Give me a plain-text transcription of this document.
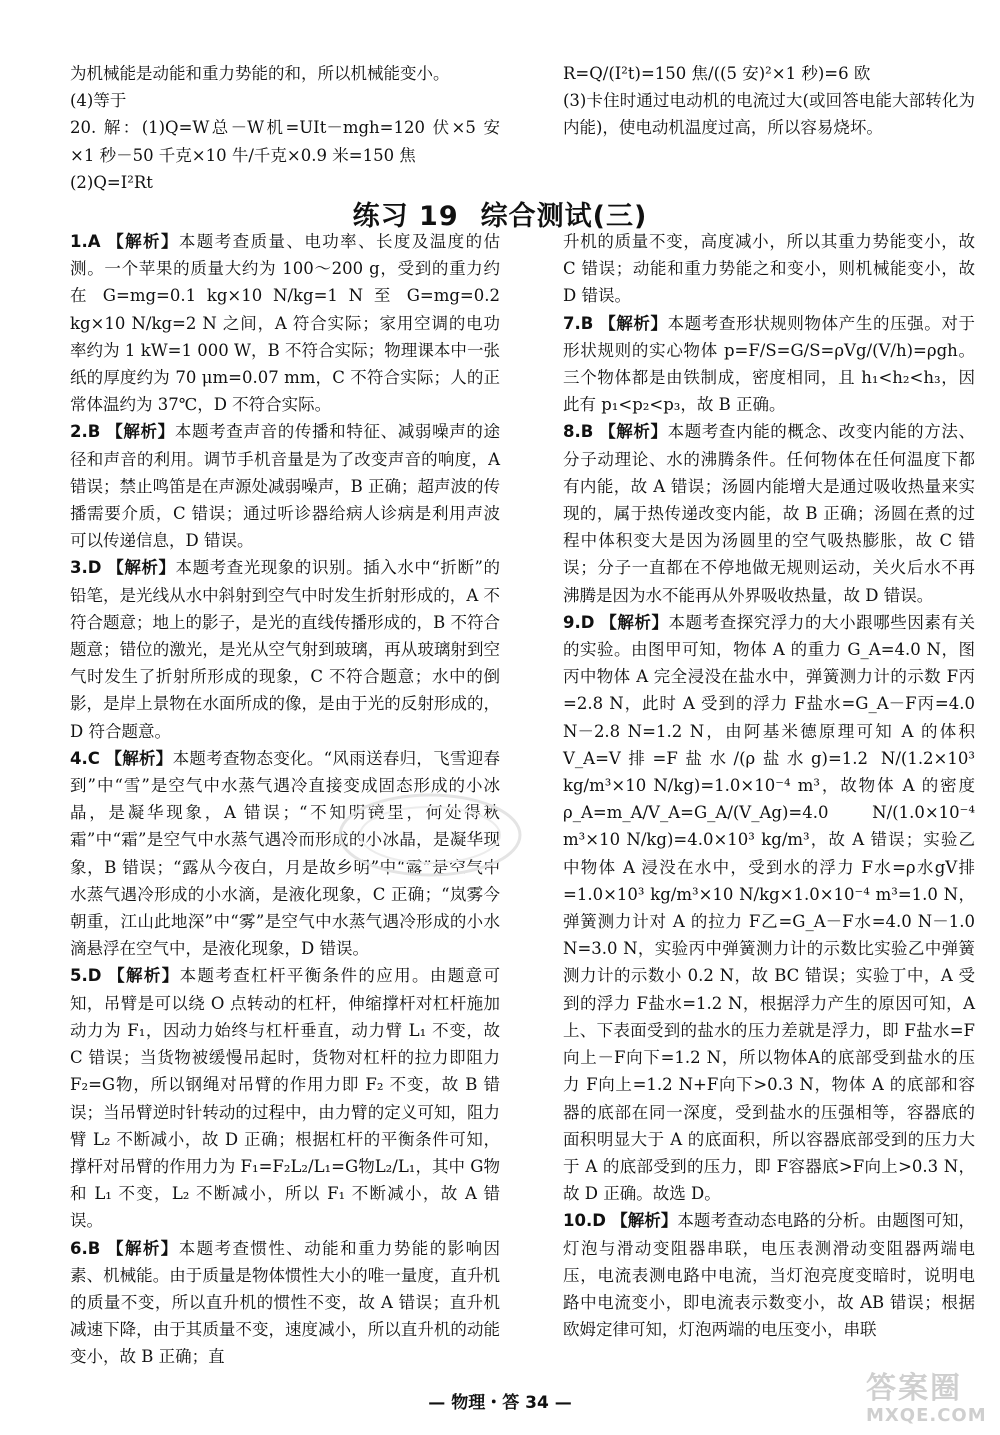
为机械能是动能和重力势能的和，所以机械能变小。

(4)等于

20. 解：(1)Q=W总－W机=UIt－mgh=120 伏×5 安×1 秒－50 千克×10 牛/千克×0.9 米=150 焦

(2)Q=I²Rt

R=Q/(I²t)=150 焦/((5 安)²×1 秒)=6 欧

(3)卡住时通过电动机的电流过大(或回答电能大部转化为内能)，使电动机温度过高，所以容易烧坏。

练习 19 综合测试(三)

1.A 【解析】本题考查质量、电功率、长度及温度的估测。一个苹果的质量大约为 100～200 g，受到的重力约在 G=mg=0.1 kg×10 N/kg=1 N 至 G=mg=0.2 kg×10 N/kg=2 N 之间，A 符合实际；家用空调的电功率约为 1 kW=1 000 W，B 不符合实际；物理课本中一张纸的厚度约为 70 μm=0.07 mm，C 不符合实际；人的正常体温约为 37℃，D 不符合实际。

2.B 【解析】本题考查声音的传播和特征、减弱噪声的途径和声音的利用。调节手机音量是为了改变声音的响度，A 错误；禁止鸣笛是在声源处减弱噪声，B 正确；超声波的传播需要介质，C 错误；通过听诊器给病人诊病是利用声波可以传递信息，D 错误。

3.D 【解析】本题考查光现象的识别。插入水中“折断”的铅笔，是光线从水中斜射到空气中时发生折射形成的，A 不符合题意；地上的影子，是光的直线传播形成的，B 不符合题意；错位的激光，是光从空气射到玻璃，再从玻璃射到空气时发生了折射所形成的现象，C 不符合题意；水中的倒影，是岸上景物在水面所成的像，是由于光的反射形成的，D 符合题意。

4.C 【解析】本题考查物态变化。“风雨送春归，飞雪迎春到”中“雪”是空气中水蒸气遇冷直接变成固态形成的小冰晶，是凝华现象，A 错误；“不知明镜里，何处得秋霜”中“霜”是空气中水蒸气遇冷而形成的小冰晶，是凝华现象，B 错误；“露从今夜白，月是故乡明”中“露”是空气中水蒸气遇冷形成的小水滴，是液化现象，C 正确；“岚雾今朝重，江山此地深”中“雾”是空气中水蒸气遇冷形成的小水滴悬浮在空气中，是液化现象，D 错误。

5.D 【解析】本题考查杠杆平衡条件的应用。由题意可知，吊臂是可以绕 O 点转动的杠杆，伸缩撑杆对杠杆施加动力为 F₁，因动力始终与杠杆垂直，动力臂 L₁ 不变，故 C 错误；当货物被缓慢吊起时，货物对杠杆的拉力即阻力 F₂=G物，所以钢绳对吊臂的作用力即 F₂ 不变，故 B 错误；当吊臂逆时针转动的过程中，由力臂的定义可知，阻力臂 L₂ 不断减小，故 D 正确；根据杠杆的平衡条件可知，撑杆对吊臂的作用力为 F₁=F₂L₂/L₁=G物L₂/L₁，其中 G物 和 L₁ 不变，L₂ 不断减小，所以 F₁ 不断减小，故 A 错误。

6.B 【解析】本题考查惯性、动能和重力势能的影响因素、机械能。由于质量是物体惯性大小的唯一量度，直升机的质量不变，所以直升机的惯性不变，故 A 错误；直升机减速下降，由于其质量不变，速度减小，所以直升机的动能变小，故 B 正确；直

升机的质量不变，高度减小，所以其重力势能变小，故 C 错误；动能和重力势能之和变小，则机械能变小，故 D 错误。

7.B 【解析】本题考查形状规则物体产生的压强。对于形状规则的实心物体 p=F/S=G/S=ρVg/(V/h)=ρgh。三个物体都是由铁制成，密度相同，且 h₁<h₂<h₃，因此有 p₁<p₂<p₃，故 B 正确。

8.B 【解析】本题考查内能的概念、改变内能的方法、分子动理论、水的沸腾条件。任何物体在任何温度下都有内能，故 A 错误；汤圆内能增大是通过吸收热量来实现的，属于热传递改变内能，故 B 正确；汤圆在煮的过程中体积变大是因为汤圆里的空气吸热膨胀，故 C 错误；分子一直都在不停地做无规则运动，关火后水不再沸腾是因为水不能再从外界吸收热量，故 D 错误。

9.D 【解析】本题考查探究浮力的大小跟哪些因素有关的实验。由图甲可知，物体 A 的重力 G_A=4.0 N，图丙中物体 A 完全浸没在盐水中，弹簧测力计的示数 F丙=2.8 N，此时 A 受到的浮力 F盐水=G_A－F丙=4.0 N－2.8 N=1.2 N，由阿基米德原理可知 A 的体积 V_A=V排=F盐水/(ρ盐水g)=1.2 N/(1.2×10³ kg/m³×10 N/kg)=1.0×10⁻⁴ m³，故物体 A 的密度 ρ_A=m_A/V_A=G_A/(V_Ag)=4.0 N/(1.0×10⁻⁴ m³×10 N/kg)=4.0×10³ kg/m³，故 A 错误；实验乙中物体 A 浸没在水中，受到水的浮力 F水=ρ水gV排=1.0×10³ kg/m³×10 N/kg×1.0×10⁻⁴ m³=1.0 N，弹簧测力计对 A 的拉力 F乙=G_A－F水=4.0 N－1.0 N=3.0 N，实验丙中弹簧测力计的示数比实验乙中弹簧测力计的示数小 0.2 N，故 BC 错误；实验丁中，A 受到的浮力 F盐水=1.2 N，根据浮力产生的原因可知，A 上、下表面受到的盐水的压力差就是浮力，即 F盐水=F向上－F向下=1.2 N，所以物体A的底部受到盐水的压力 F向上=1.2 N+F向下>0.3 N，物体 A 的底部和容器的底部在同一深度，受到盐水的压强相等，容器底的面积明显大于 A 的底面积，所以容器底部受到的压力大于 A 的底部受到的压力，即 F容器底>F向上>0.3 N，故 D 正确。故选 D。

10.D 【解析】本题考查动态电路的分析。由题图可知，灯泡与滑动变阻器串联，电压表测滑动变阻器两端电压，电流表测电路中电流，当灯泡亮度变暗时，说明电路中电流变小，即电流表示数变小，故 AB 错误；根据欧姆定律可知，灯泡两端的电压变小，串联

— 物理・答 34 —	答案圈
MXQE.COM
